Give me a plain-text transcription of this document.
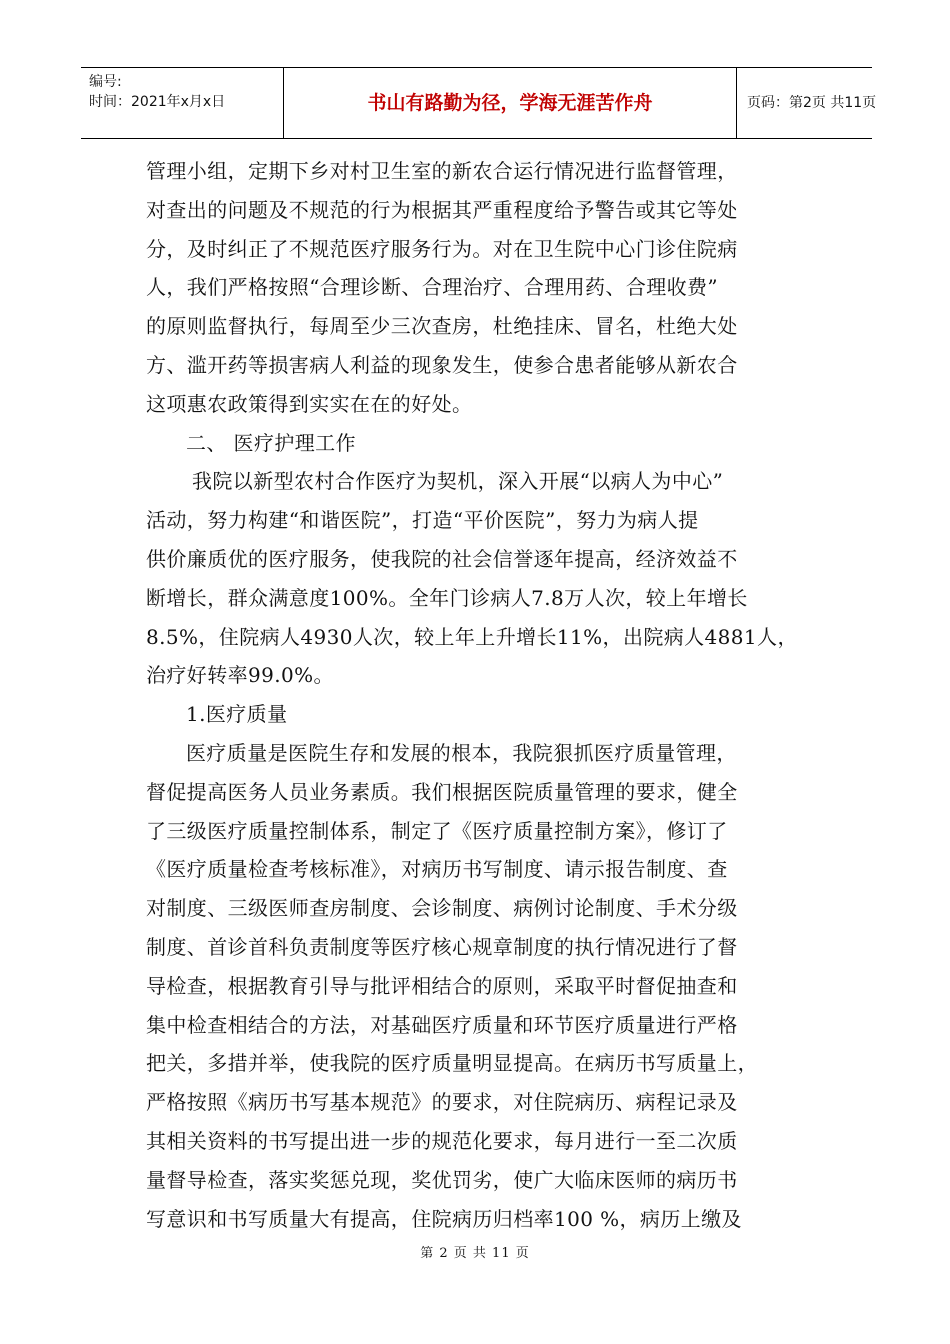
编号:
时间：2021年x月x日	书山有路勤为径，学海无涯苦作舟	页码：第2页 共11页
管理小组，定期下乡对村卫生室的新农合运行情况进行监督管理，
对查出的问题及不规范的行为根据其严重程度给予警告或其它等处
分，及时纠正了不规范医疗服务行为。对在卫生院中心门诊住院病
人，我们严格按照“合理诊断、合理治疗、合理用药、合理收费”
的原则监督执行，每周至少三次查房，杜绝挂床、冒名，杜绝大处
方、滥开药等损害病人利益的现象发生，使参合患者能够从新农合
这项惠农政策得到实实在在的好处。
二、 医疗护理工作
我院以新型农村合作医疗为契机，深入开展“以病人为中心”
活动，努力构建“和谐医院”，打造“平价医院”，努力为病人提
供价廉质优的医疗服务，使我院的社会信誉逐年提高，经济效益不
断增长，群众满意度100%。全年门诊病人7.8万人次，较上年增长
8.5%，住院病人4930人次，较上年上升增长11%，出院病人4881人，
治疗好转率99.0%。
1.医疗质量
医疗质量是医院生存和发展的根本，我院狠抓医疗质量管理，
督促提高医务人员业务素质。我们根据医院质量管理的要求，健全
了三级医疗质量控制体系，制定了《医疗质量控制方案》，修订了
《医疗质量检查考核标准》，对病历书写制度、请示报告制度、查
对制度、三级医师查房制度、会诊制度、病例讨论制度、手术分级
制度、首诊首科负责制度等医疗核心规章制度的执行情况进行了督
导检查，根据教育引导与批评相结合的原则，采取平时督促抽查和
集中检查相结合的方法，对基础医疗质量和环节医疗质量进行严格
把关，多措并举，使我院的医疗质量明显提高。在病历书写质量上，
严格按照《病历书写基本规范》的要求，对住院病历、病程记录及
其相关资料的书写提出进一步的规范化要求，每月进行一至二次质
量督导检查，落实奖惩兑现，奖优罚劣，使广大临床医师的病历书
写意识和书写质量大有提高，住院病历归档率100 %，病历上缴及
第 2 页 共 11 页
